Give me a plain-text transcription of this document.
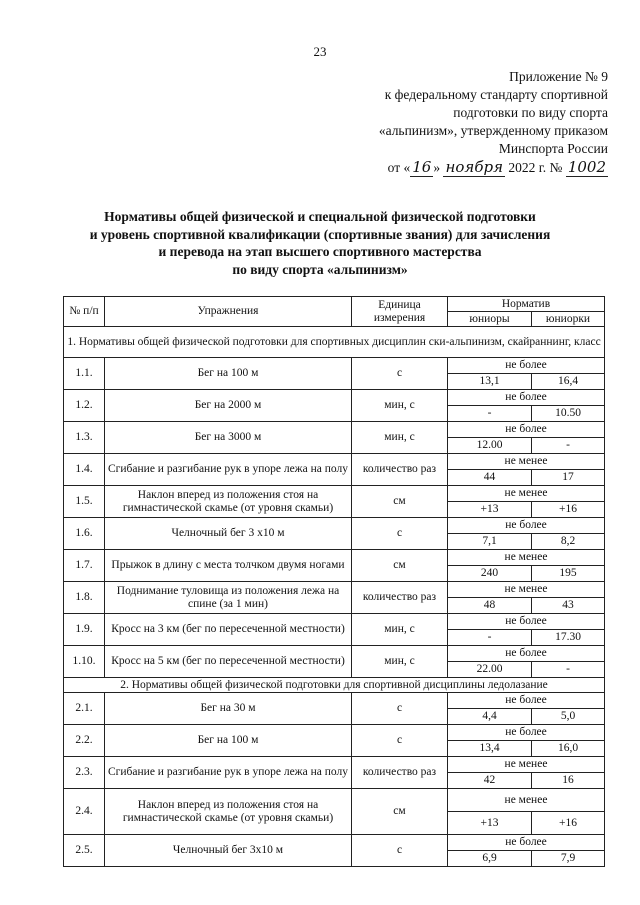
23
Приложение № 9
к федеральному стандарту спортивной
подготовки по виду спорта
«альпинизм», утвержденному приказом
Минспорта России
от « 16 » ноября 2022 г. № 1002
Нормативы общей физической и специальной физической подготовки
и уровень спортивной квалификации (спортивные звания) для зачисления
и перевода на этап высшего спортивного мастерства
по виду спорта «альпинизм»
№ п/п	Упражнения	Единица измерения	Норматив	
			юниоры	юниорки
1. Нормативы общей физической подготовки для спортивных дисциплин ски-альпинизм, скайраннинг, класс				
1.1.	Бег на 100 м	с	не более	
			13,1	16,4
1.2.	Бег на 2000 м	мин, с	не более	
			-	10.50
1.3.	Бег на 3000 м	мин, с	не более	
			12.00	-
1.4.	Сгибание и разгибание рук в упоре лежа на полу	количество раз	не менее	
			44	17
1.5.	Наклон вперед из положения стоя на гимнастической скамье (от уровня скамьи)	см	не менее	
			+13	+16
1.6.	Челночный бег 3 x10 м	с	не более	
			7,1	8,2
1.7.	Прыжок в длину с места толчком двумя ногами	см	не менее	
			240	195
1.8.	Поднимание туловища из положения лежа на спине (за 1 мин)	количество раз	не менее	
			48	43
1.9.	Кросс на 3 км (бег по пересеченной местности)	мин, с	не более	
			-	17.30
1.10.	Кросс на 5 км (бег по пересеченной местности)	мин, с	не более	
			22.00	-
2. Нормативы общей физической подготовки для спортивной дисциплины ледолазание				
2.1.	Бег на 30 м	с	не более	
			4,4	5,0
2.2.	Бег на 100 м	с	не более	
			13,4	16,0
2.3.	Сгибание и разгибание рук в упоре лежа на полу	количество раз	не менее	
			42	16
2.4.	Наклон вперед из положения стоя на гимнастической скамье (от уровня скамьи)	см	не менее	
			+13	+16
2.5.	Челночный бег 3x10 м	с	не более	
			6,9	7,9
